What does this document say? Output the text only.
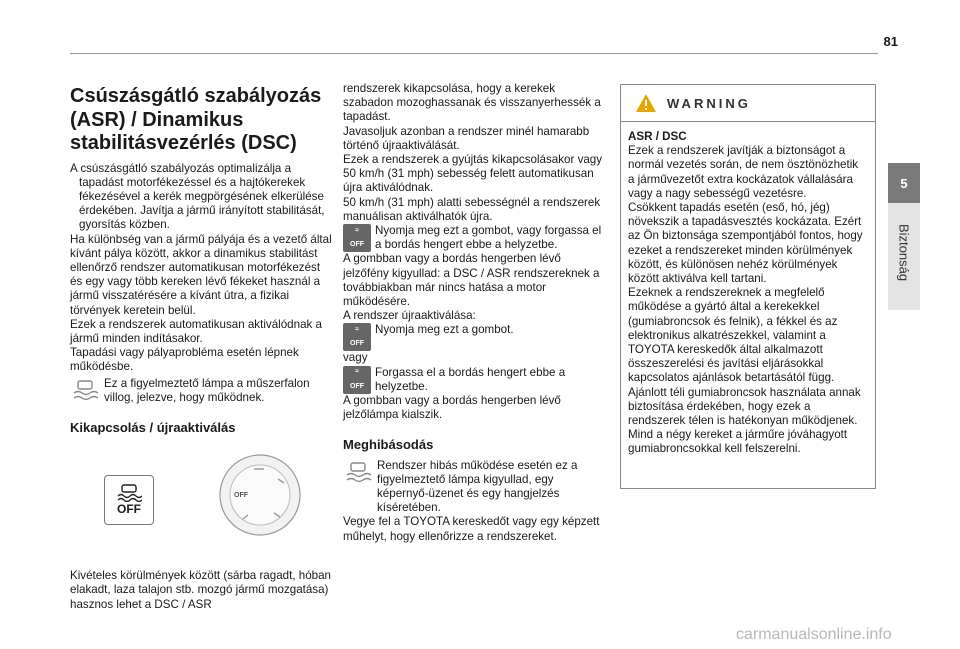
81
5
Biztonság
Csúszásgátló szabályozás (ASR) / Dinamikus stabilitásvezérlés (DSC)

A csúszásgátló szabályozás optimalizálja a tapadást motorfékezéssel és a hajtókerekek fékezésével a kerék megpörgésének elkerülése érdekében. Javítja a jármű irányított stabilitását, gyorsítás közben.

Ha különbség van a jármű pályája és a vezető által kívánt pálya között, akkor a dinamikus stabilitást ellenőrző rendszer automatikusan motorfékezést és egy vagy több kereken lévő fékeket használ a jármű visszatérésére a kívánt útra, a fizikai törvények keretein belül.

Ezek a rendszerek automatikusan aktiválódnak a jármű minden indításakor.

Tapadási vagy pályaprobléma esetén lépnek működésbe.

Ez a figyelmeztető lámpa a műszerfalon villog, jelezve, hogy működnek.

Kikapcsolás / újraaktiválás
OFF
OFF

Kivételes körülmények között (sárba ragadt, hóban elakadt, laza talajon stb. mozgó jármű mozgatása) hasznos lehet a DSC / ASR

rendszerek kikapcsolása, hogy a kerekek szabadon mozoghassanak és visszanyerhessék a tapadást.

Javasoljuk azonban a rendszer minél hamarabb történő újraaktiválását.

Ezek a rendszerek a gyújtás kikapcsolásakor vagy 50 km/h (31 mph) sebesség felett automatikusan újra aktiválódnak.

50 km/h (31 mph) alatti sebességnél a rendszerek manuálisan aktiválhatók újra.

≈
OFF

Nyomja meg ezt a gombot, vagy forgassa el a bordás hengert ebbe a helyzetbe.

A gombban vagy a bordás hengerben lévő jelzőfény kigyullad: a DSC / ASR rendszereknek a továbbiakban már nincs hatása a motor működésére.

A rendszer újraaktiválása:

≈
OFF

Nyomja meg ezt a gombot.

vagy

≈
OFF

Forgassa el a bordás hengert ebbe a helyzetbe.

A gombban vagy a bordás hengerben lévő jelzőlámpa kialszik.

Meghibásodás

Rendszer hibás működése esetén ez a figyelmeztető lámpa kigyullad, egy képernyő-üzenet és egy hangjelzés kíséretében.

Vegye fel a TOYOTA kereskedőt vagy egy képzett műhelyt, hogy ellenőrizze a rendszereket.

WARNING

ASR / DSC

Ezek a rendszerek javítják a biztonságot a normál vezetés során, de nem ösztönözhetik a járművezetőt extra kockázatok vállalására vagy a nagy sebességű vezetésre.

Csökkent tapadás esetén (eső, hó, jég) növekszik a tapadásvesztés kockázata. Ezért az Ön biztonsága szempontjából fontos, hogy ezeket a rendszereket minden körülmények között, és különösen nehéz körülmények között aktiválva kell tartani.

Ezeknek a rendszereknek a megfelelő működése a gyártó által a kerekekkel (gumiabroncsok és felnik), a fékkel és az elektronikus alkatrészekkel, valamint a TOYOTA kereskedők által alkalmazott összeszerelési és javítási eljárásokkal kapcsolatos ajánlások betartásától függ.

Ajánlott téli gumiabroncsok használata annak biztosítása érdekében, hogy ezek a rendszerek télen is hatékonyan működjenek.

Mind a négy kereket a járműre jóváhagyott gumiabroncsokkal kell felszerelni.

carmanualsonline.info
